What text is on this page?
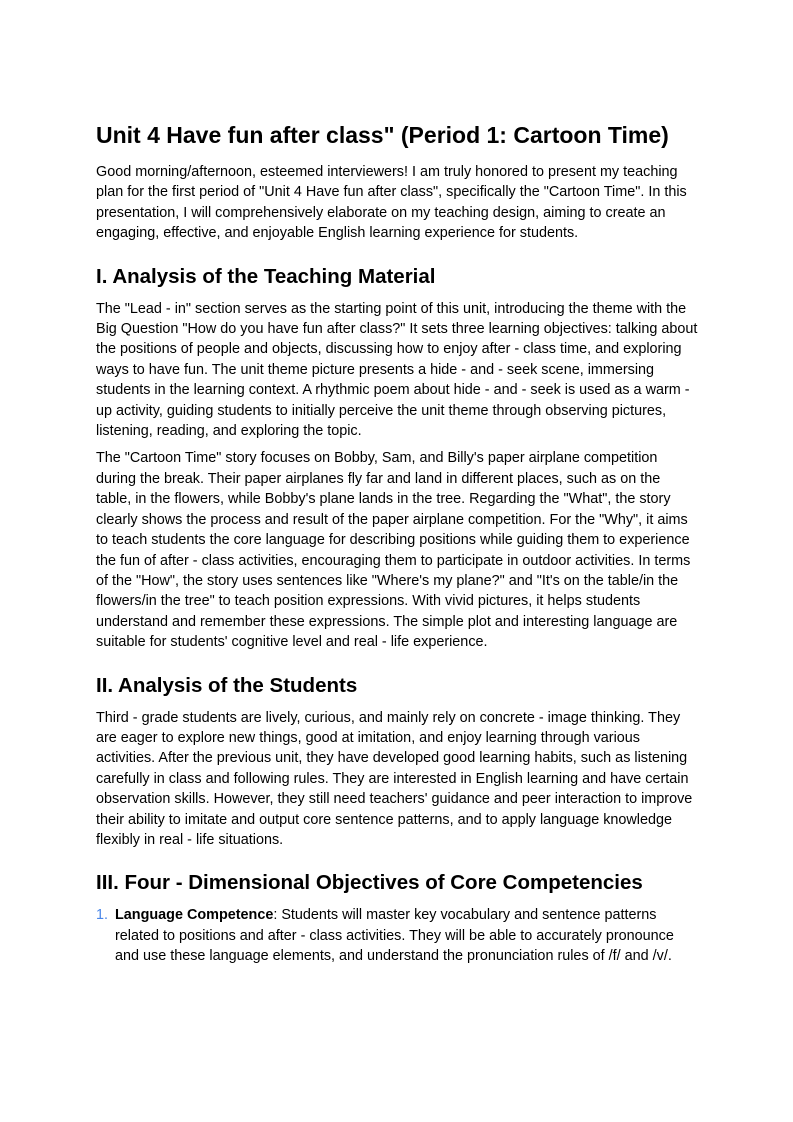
Unit 4 Have fun after class" (Period 1: Cartoon Time)

Good morning/afternoon, esteemed interviewers! I am truly honored to present my teaching plan for the first period of "Unit 4 Have fun after class", specifically the "Cartoon Time". In this presentation, I will comprehensively elaborate on my teaching design, aiming to create an engaging, effective, and enjoyable English learning experience for students.

I. Analysis of the Teaching Material

The "Lead - in" section serves as the starting point of this unit, introducing the theme with the Big Question "How do you have fun after class?" It sets three learning objectives: talking about the positions of people and objects, discussing how to enjoy after - class time, and exploring ways to have fun. The unit theme picture presents a hide - and - seek scene, immersing students in the learning context. A rhythmic poem about hide - and - seek is used as a warm - up activity, guiding students to initially perceive the unit theme through observing pictures, listening, reading, and exploring the topic.

The "Cartoon Time" story focuses on Bobby, Sam, and Billy's paper airplane competition during the break. Their paper airplanes fly far and land in different places, such as on the table, in the flowers, while Bobby's plane lands in the tree. Regarding the "What", the story clearly shows the process and result of the paper airplane competition. For the "Why", it aims to teach students the core language for describing positions while guiding them to experience the fun of after - class activities, encouraging them to participate in outdoor activities. In terms of the "How", the story uses sentences like "Where's my plane?" and "It's on the table/in the flowers/in the tree" to teach position expressions. With vivid pictures, it helps students understand and remember these expressions. The simple plot and interesting language are suitable for students' cognitive level and real - life experience.

II. Analysis of the Students

Third - grade students are lively, curious, and mainly rely on concrete - image thinking. They are eager to explore new things, good at imitation, and enjoy learning through various activities. After the previous unit, they have developed good learning habits, such as listening carefully in class and following rules. They are interested in English learning and have certain observation skills. However, they still need teachers' guidance and peer interaction to improve their ability to imitate and output core sentence patterns, and to apply language knowledge flexibly in real - life situations.

III. Four - Dimensional Objectives of Core Competencies
1. Language Competence: Students will master key vocabulary and sentence patterns related to positions and after - class activities. They will be able to accurately pronounce and use these language elements, and understand the pronunciation rules of /f/ and /v/.
